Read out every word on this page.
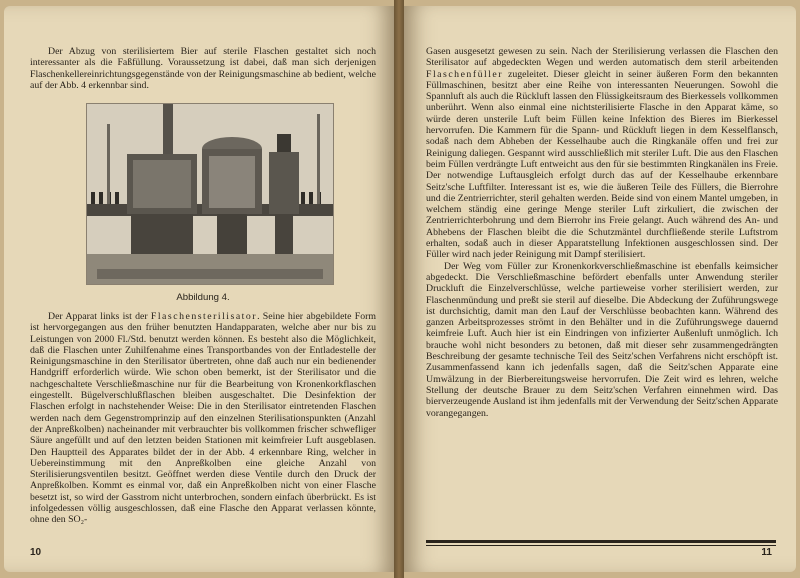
Der Abzug von sterilisiertem Bier auf sterile Flaschen gestaltet sich noch interessanter als die Faßfüllung. Voraussetzung ist dabei, daß man sich derjenigen Flaschenkellereinrichtungsgegenstände von der Reinigungsmaschine ab bedient, welche auf der Abb. 4 erkennbar sind.

Abbildung 4.

Der Apparat links ist der Flaschensterilisator. Seine hier abgebildete Form ist hervorgegangen aus den früher benutzten Handapparaten, welche aber nur bis zu Leistungen von 2000 Fl./Std. benutzt werden können. Es besteht also die Möglichkeit, daß die Flaschen unter Zuhilfenahme eines Transportbandes von der Entladestelle der Reinigungsmaschine in den Sterilisator übertreten, ohne daß auch nur ein bedienender Handgriff erforderlich würde. Wie schon oben bemerkt, ist der Sterilisator und die nachgeschaltete Verschließmaschine nur für die Bearbeitung von Kronenkorkflaschen eingestellt. Bügelverschlußflaschen bleiben ausgeschaltet. Die Desinfektion der Flaschen erfolgt in nachstehender Weise: Die in den Sterilisator eintretenden Flaschen werden nach dem Gegenstromprinzip auf den einzelnen Sterilisationspunkten (Anzahl der Anpreßkolben) nacheinander mit verbrauchter bis vollkommen frischer schwefliger Säure angefüllt und auf den letzten beiden Stationen mit keimfreier Luft ausgeblasen. Den Hauptteil des Apparates bildet der in der Abb. 4 erkennbare Ring, welcher in Uebereinstimmung mit den Anpreßkolben eine gleiche Anzahl von Sterilisierungsventilen besitzt. Geöffnet werden diese Ventile durch den Druck der Anpreßkolben. Kommt es einmal vor, daß ein Anpreßkolben nicht von einer Flasche besetzt ist, so wird der Gasstrom nicht unterbrochen, sondern einfach überbrückt. Es ist infolgedessen völlig ausgeschlossen, daß eine Flasche den Apparat verlassen könnte, ohne den SO₂-

10

Gasen ausgesetzt gewesen zu sein. Nach der Sterilisierung verlassen die Flaschen den Sterilisator auf abgedeckten Wegen und werden automatisch dem steril arbeitenden Flaschenfüller zugeleitet. Dieser gleicht in seiner äußeren Form den bekannten Füllmaschinen, besitzt aber eine Reihe von interessanten Neuerungen. Sowohl die Spannluft als auch die Rückluft lassen den Flüssigkeitsraum des Bierkessels vollkommen unberührt. Wenn also einmal eine nichtsterilisierte Flasche in den Apparat käme, so würde deren unsterile Luft beim Füllen keine Infektion des Bieres im Bierkessel hervorrufen. Die Kammern für die Spann- und Rückluft liegen in dem Kesselflansch, sodaß nach dem Abheben der Kesselhaube auch die Ringkanäle offen und frei zur Reinigung daliegen. Gespannt wird ausschließlich mit steriler Luft. Die aus den Flaschen beim Füllen verdrängte Luft entweicht aus den für sie bestimmten Ringkanälen ins Freie. Der notwendige Luftausgleich erfolgt durch das auf der Kesselhaube erkennbare Seitz'sche Luftfilter. Interessant ist es, wie die äußeren Teile des Füllers, die Bierrohre und die Zentrierrichter, steril gehalten werden. Beide sind von einem Mantel umgeben, in welchem ständig eine geringe Menge steriler Luft zirkuliert, die zwischen der Zentrierrichterbohrung und dem Bierrohr ins Freie gelangt. Auch während des An- und Abhebens der Flaschen bleibt die die Schutzmäntel durchfließende sterile Luftstrom erhalten, sodaß auch in dieser Apparatstellung Infektionen ausgeschlossen sind. Der Füller wird nach jeder Reinigung mit Dampf sterilisiert.

Der Weg vom Füller zur Kronenkorkverschließmaschine ist ebenfalls keimsicher abgedeckt. Die Verschließmaschine befördert ebenfalls unter Anwendung steriler Druckluft die Einzelverschlüsse, welche partieweise vorher sterilisiert werden, zur Flaschenmündung und preßt sie steril auf dieselbe. Die Abdeckung der Zuführungswege ist durchsichtig, damit man den Lauf der Verschlüsse beobachten kann. Während des ganzen Arbeitsprozesses strömt in den Behälter und in die Zuführungswege dauernd keimfreie Luft. Auch hier ist ein Eindringen von infizierter Außenluft unmöglich. Ich brauche wohl nicht besonders zu betonen, daß mit dieser sehr zusammengedrängten Beschreibung der gesamte technische Teil des Seitz'schen Verfahrens nicht erschöpft ist. Zusammenfassend kann ich jedenfalls sagen, daß die Seitz'schen Apparate eine Umwälzung in der Bierbereitungsweise hervorrufen. Die Zeit wird es lehren, welche Stellung der deutsche Brauer zu dem Seitz'schen Verfahren einnehmen wird. Das bierverzeugende Ausland ist ihm jedenfalls mit der Verwendung der Seitz'schen Apparate vorangegangen.

11
